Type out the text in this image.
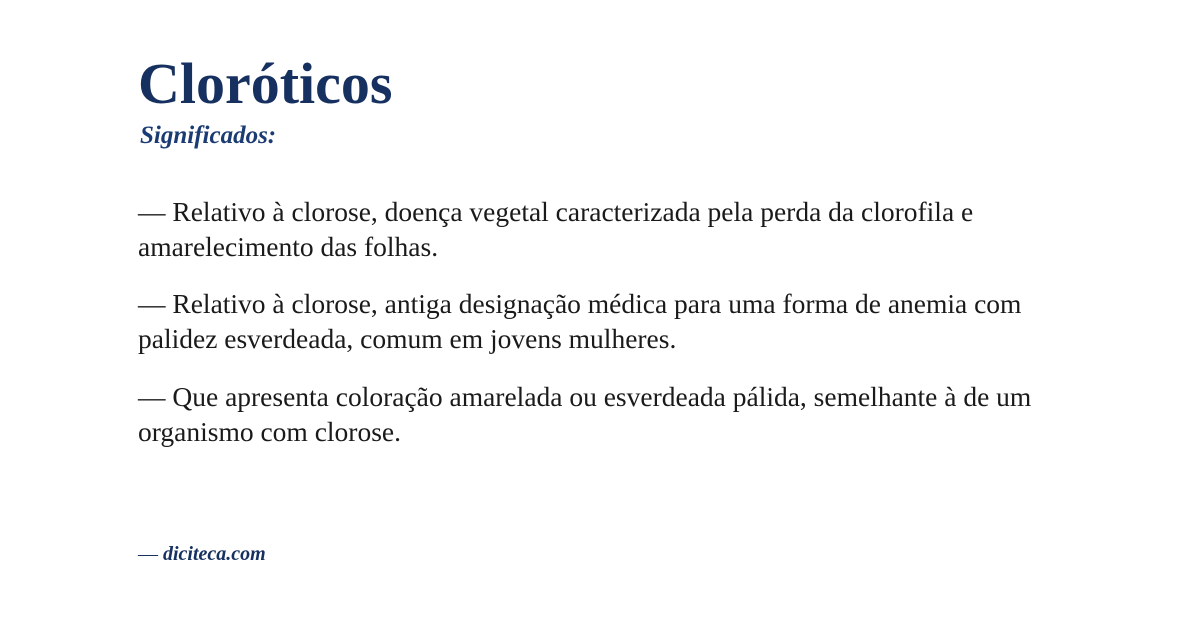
Cloróticos
Significados:

— Relativo à clorose, doença vegetal caracterizada pela perda da clorofila e amarelecimento das folhas.

— Relativo à clorose, antiga designação médica para uma forma de anemia com palidez esverdeada, comum em jovens mulheres.

— Que apresenta coloração amarelada ou esverdeada pálida, semelhante à de um organismo com clorose.

— diciteca.com
